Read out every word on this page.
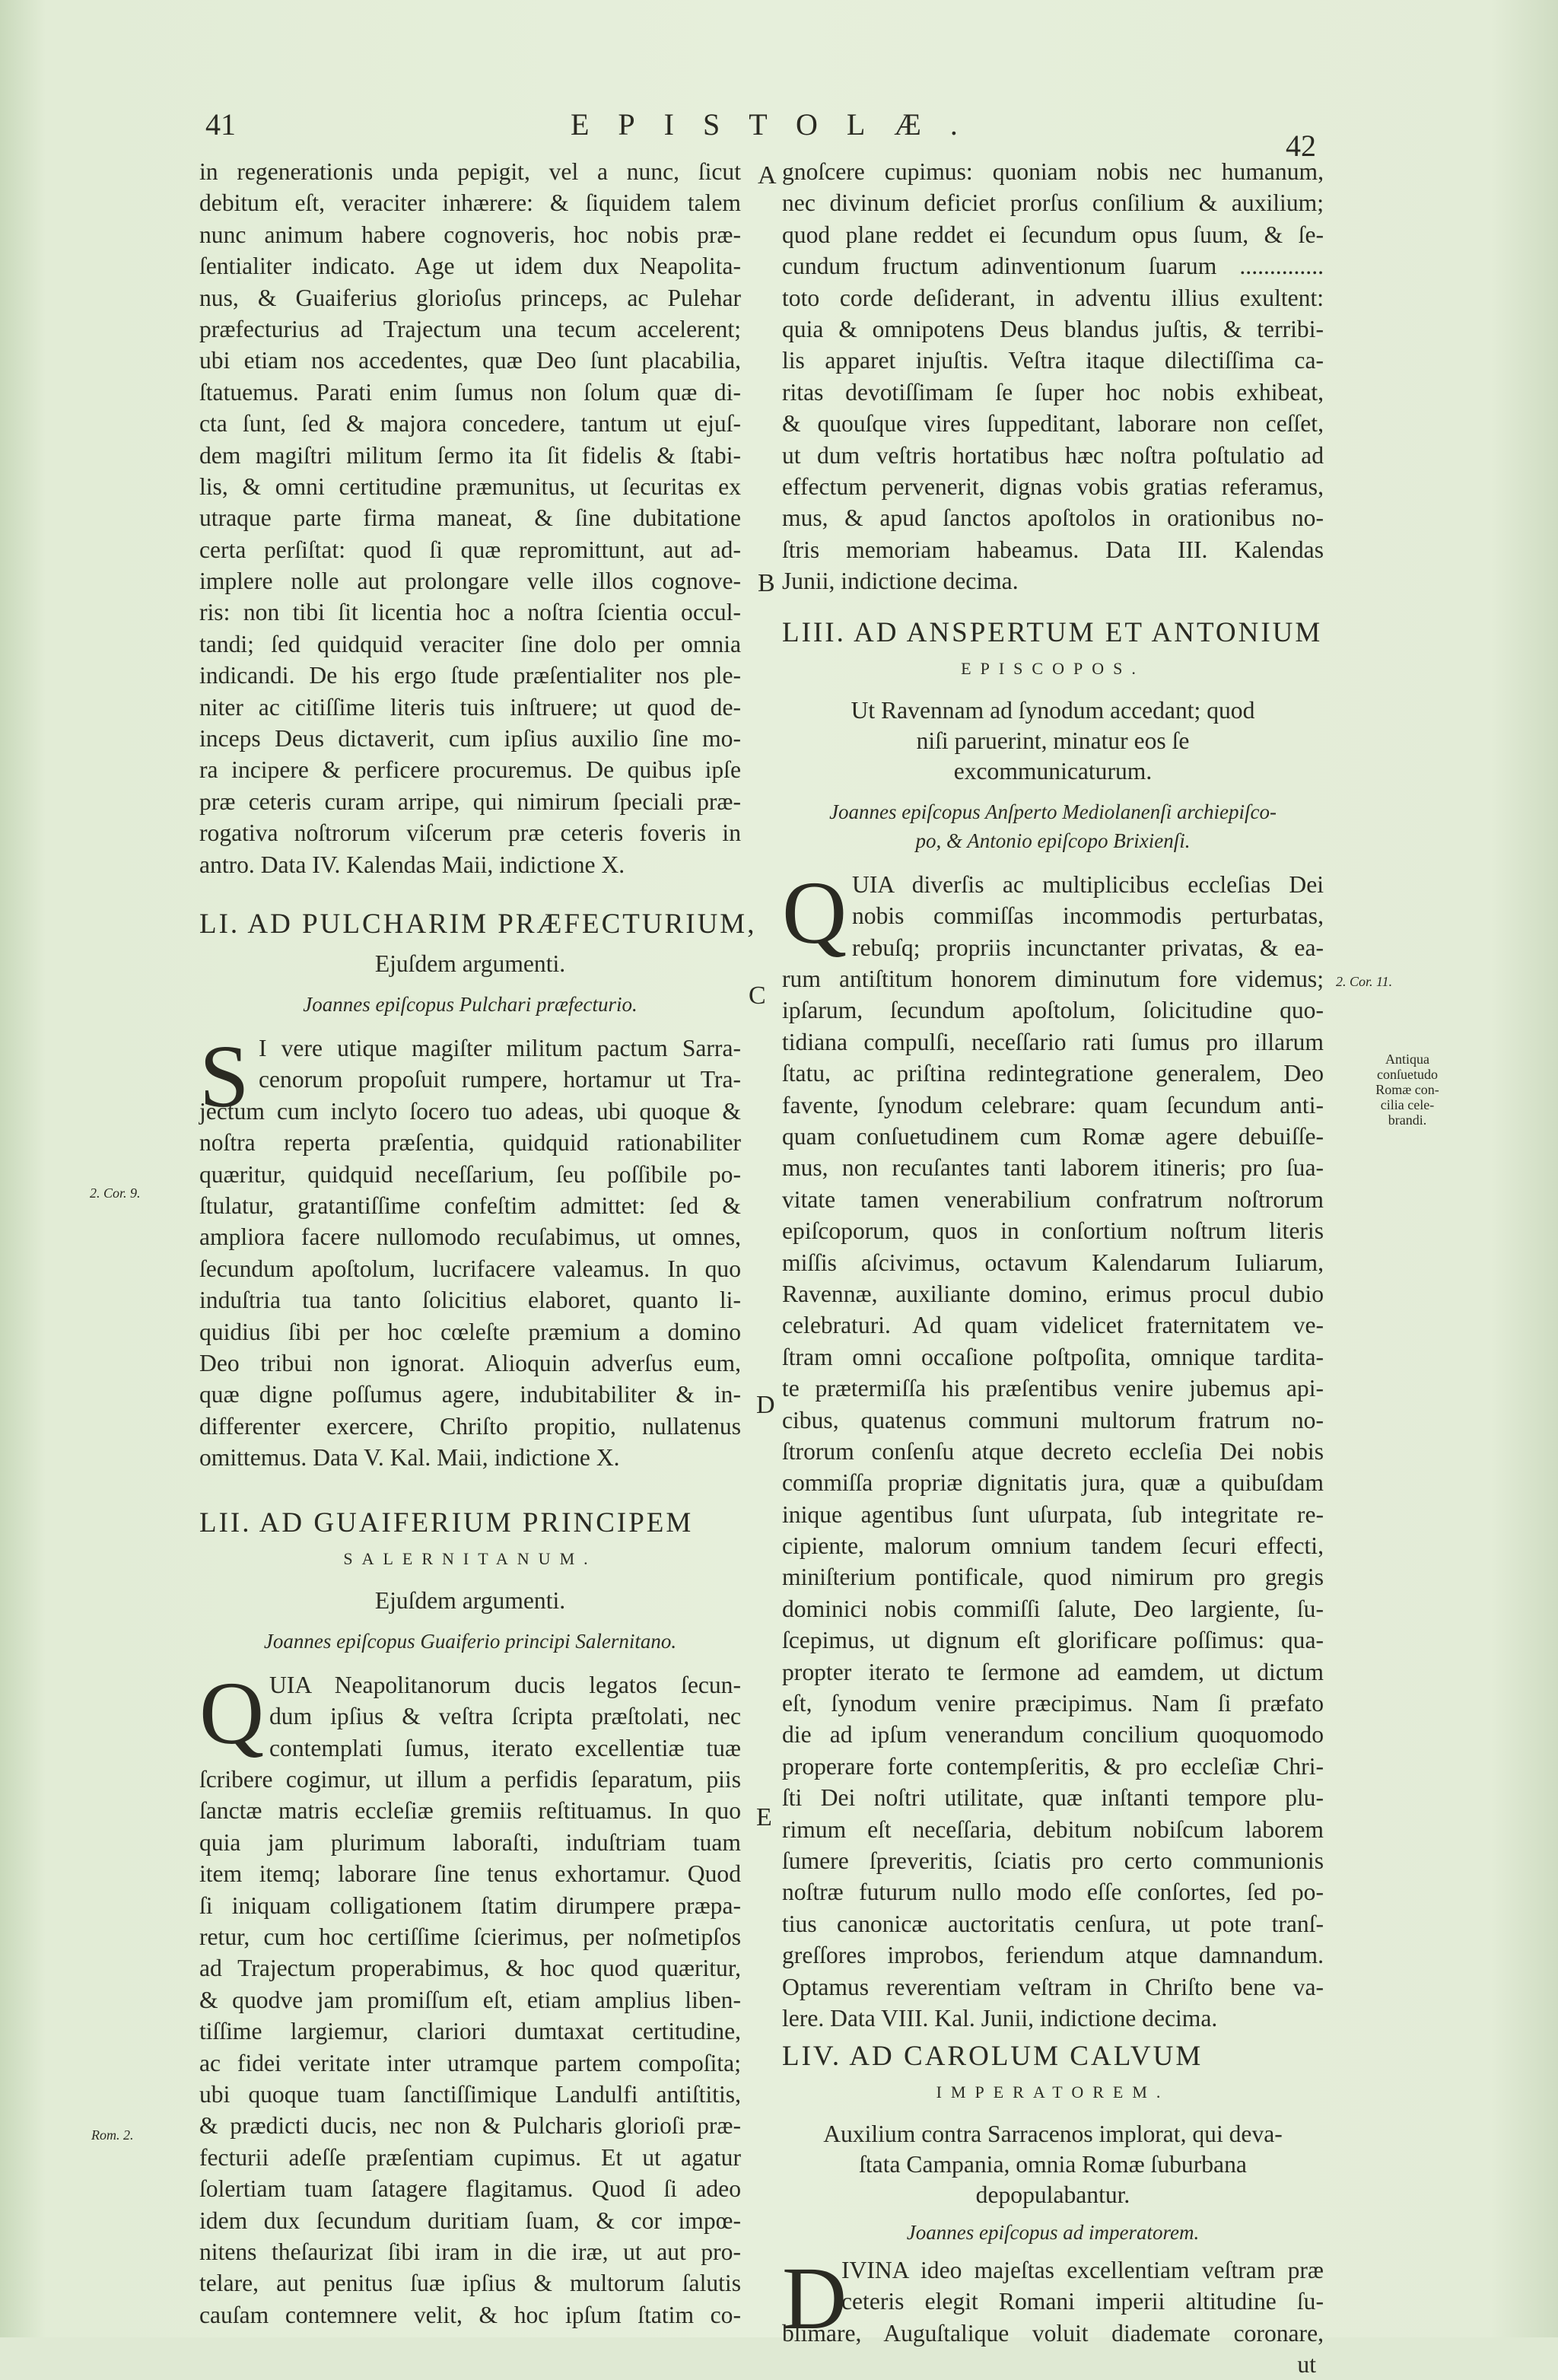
41	EPISTOLÆ.
42
A
B
C
D
E
2. Cor. 9.
Rom. 2.
2. Cor. 11.
Antiqua
conſuetudo
Romæ con-
cilia cele-
brandi.
in regenerationis unda pepigit, vel a nunc, ſicut
debitum eſt, veraciter inhærere: & ſiquidem talem
nunc animum habere cognoveris, hoc nobis præ-
ſentialiter indicato. Age ut idem dux Neapolita-
nus, & Guaiferius glorioſus princeps, ac Pulehar
præfecturius ad Trajectum una tecum accelerent;
ubi etiam nos accedentes, quæ Deo ſunt placabilia,
ſtatuemus. Parati enim ſumus non ſolum quæ di-
cta ſunt, ſed & majora concedere, tantum ut ejuſ-
dem magiſtri militum ſermo ita ſit fidelis & ſtabi-
lis, & omni certitudine præmunitus, ut ſecuritas ex
utraque parte firma maneat, & ſine dubitatione
certa perſiſtat: quod ſi quæ repromittunt, aut ad-
implere nolle aut prolongare velle illos cognove-
ris: non tibi ſit licentia hoc a noſtra ſcientia occul-
tandi; ſed quidquid veraciter ſine dolo per omnia
indicandi. De his ergo ſtude præſentialiter nos ple-
niter ac citiſſime literis tuis inſtruere; ut quod de-
inceps Deus dictaverit, cum ipſius auxilio ſine mo-
ra incipere & perficere procuremus. De quibus ipſe
præ ceteris curam arripe, qui nimirum ſpeciali præ-
rogativa noſtrorum viſcerum præ ceteris foveris in
antro. Data IV. Kalendas Maii, indictione X.
LI. AD PULCHARIM PRÆFECTURIUM,
Ejuſdem argumenti.
Joannes epiſcopus Pulchari præfecturio.
S I vere utique magiſter militum pactum Sarra-
cenorum propoſuit rumpere, hortamur ut Tra-
jectum cum inclyto ſocero tuo adeas, ubi quoque &
noſtra reperta præſentia, quidquid rationabiliter
quæritur, quidquid neceſſarium, ſeu poſſibile po-
ſtulatur, gratantiſſime confeſtim admittet: ſed &
ampliora facere nullomodo recuſabimus, ut omnes,
ſecundum apoſtolum, lucrifacere valeamus. In quo
induſtria tua tanto ſolicitius elaboret, quanto li-
quidius ſibi per hoc cœleſte præmium a domino
Deo tribui non ignorat. Alioquin adverſus eum,
quæ digne poſſumus agere, indubitabiliter & in-
differenter exercere, Chriſto propitio, nullatenus
omittemus. Data V. Kal. Maii, indictione X.
LII. AD GUAIFERIUM PRINCIPEM
SALERNITANUM.
Ejuſdem argumenti.
Joannes epiſcopus Guaiferio principi Salernitano.
Q UIA Neapolitanorum ducis legatos ſecun-
dum ipſius & veſtra ſcripta præſtolati, nec
contemplati ſumus, iterato excellentiæ tuæ
ſcribere cogimur, ut illum a perfidis ſeparatum, piis
ſanctæ matris eccleſiæ gremiis reſtituamus. In quo
quia jam plurimum laboraſti, induſtriam tuam
item itemq; laborare ſine tenus exhortamur. Quod
ſi iniquam colligationem ſtatim dirumpere præpa-
retur, cum hoc certiſſime ſcierimus, per noſmetipſos
ad Trajectum properabimus, & hoc quod quæritur,
& quodve jam promiſſum eſt, etiam amplius liben-
tiſſime largiemur, clariori dumtaxat certitudine,
ac fidei veritate inter utramque partem compoſita;
ubi quoque tuam ſanctiſſimique Landulfi antiſtitis,
& prædicti ducis, nec non & Pulcharis glorioſi præ-
fecturii adeſſe præſentiam cupimus. Et ut agatur
ſolertiam tuam ſatagere flagitamus. Quod ſi adeo
idem dux ſecundum duritiam ſuam, & cor impœ-
nitens theſaurizat ſibi iram in die iræ, ut aut pro-
telare, aut penitus ſuæ ipſius & multorum ſalutis
cauſam contemnere velit, & hoc ipſum ſtatim co-
gnoſcere cupimus: quoniam nobis nec humanum,
nec divinum deficiet prorſus conſilium & auxilium;
quod plane reddet ei ſecundum opus ſuum, & ſe-
cundum fructum adinventionum ſuarum ..............
toto corde deſiderant, in adventu illius exultent:
quia & omnipotens Deus blandus juſtis, & terribi-
lis apparet injuſtis. Veſtra itaque dilectiſſima ca-
ritas devotiſſimam ſe ſuper hoc nobis exhibeat,
& quouſque vires ſuppeditant, laborare non ceſſet,
ut dum veſtris hortatibus hæc noſtra poſtulatio ad
effectum pervenerit, dignas vobis gratias referamus,
mus, & apud ſanctos apoſtolos in orationibus no-
ſtris memoriam habeamus. Data III. Kalendas
Junii, indictione decima.
LIII. AD ANSPERTUM ET ANTONIUM
EPISCOPOS.
Ut Ravennam ad ſynodum accedant; quod
niſi paruerint, minatur eos ſe
excommunicaturum.
Joannes epiſcopus Anſperto Mediolanenſi archiepiſco-
po, & Antonio epiſcopo Brixienſi.
Q UIA diverſis ac multiplicibus eccleſias Dei
nobis commiſſas incommodis perturbatas,
rebuſq; propriis incunctanter privatas, & ea-
rum antiſtitum honorem diminutum fore videmus;
ipſarum, ſecundum apoſtolum, ſolicitudine quo-
tidiana compulſi, neceſſario rati ſumus pro illarum
ſtatu, ac priſtina redintegratione generalem, Deo
favente, ſynodum celebrare: quam ſecundum anti-
quam conſuetudinem cum Romæ agere debuiſſe-
mus, non recuſantes tanti laborem itineris; pro ſua-
vitate tamen venerabilium confratrum noſtrorum
epiſcoporum, quos in conſortium noſtrum literis
miſſis aſcivimus, octavum Kalendarum Iuliarum,
Ravennæ, auxiliante domino, erimus procul dubio
celebraturi. Ad quam videlicet fraternitatem ve-
ſtram omni occaſione poſtpoſita, omnique tardita-
te prætermiſſa his præſentibus venire jubemus api-
cibus, quatenus communi multorum fratrum no-
ſtrorum conſenſu atque decreto eccleſia Dei nobis
commiſſa propriæ dignitatis jura, quæ a quibuſdam
inique agentibus ſunt uſurpata, ſub integritate re-
cipiente, malorum omnium tandem ſecuri effecti,
miniſterium pontificale, quod nimirum pro gregis
dominici nobis commiſſi ſalute, Deo largiente, ſu-
ſcepimus, ut dignum eſt glorificare poſſimus: qua-
propter iterato te ſermone ad eamdem, ut dictum
eſt, ſynodum venire præcipimus. Nam ſi præfato
die ad ipſum venerandum concilium quoquomodo
properare forte contempſeritis, & pro eccleſiæ Chri-
ſti Dei noſtri utilitate, quæ inſtanti tempore plu-
rimum eſt neceſſaria, debitum nobiſcum laborem
ſumere ſpreveritis, ſciatis pro certo communionis
noſtræ futurum nullo modo eſſe conſortes, ſed po-
tius canonicæ auctoritatis cenſura, ut pote tranſ-
greſſores improbos, feriendum atque damnandum.
Optamus reverentiam veſtram in Chriſto bene va-
lere. Data VIII. Kal. Junii, indictione decima.
LIV. AD CAROLUM CALVUM
IMPERATOREM.
Auxilium contra Sarracenos implorat, qui deva-
ſtata Campania, omnia Romæ ſuburbana
depopulabantur.
Joannes epiſcopus ad imperatorem.
D
IVINA ideo majeſtas excellentiam veſtram præ
ceteris elegit Romani imperii altitudine ſu-
blimare, Auguſtalique voluit diademate coronare,
ut
